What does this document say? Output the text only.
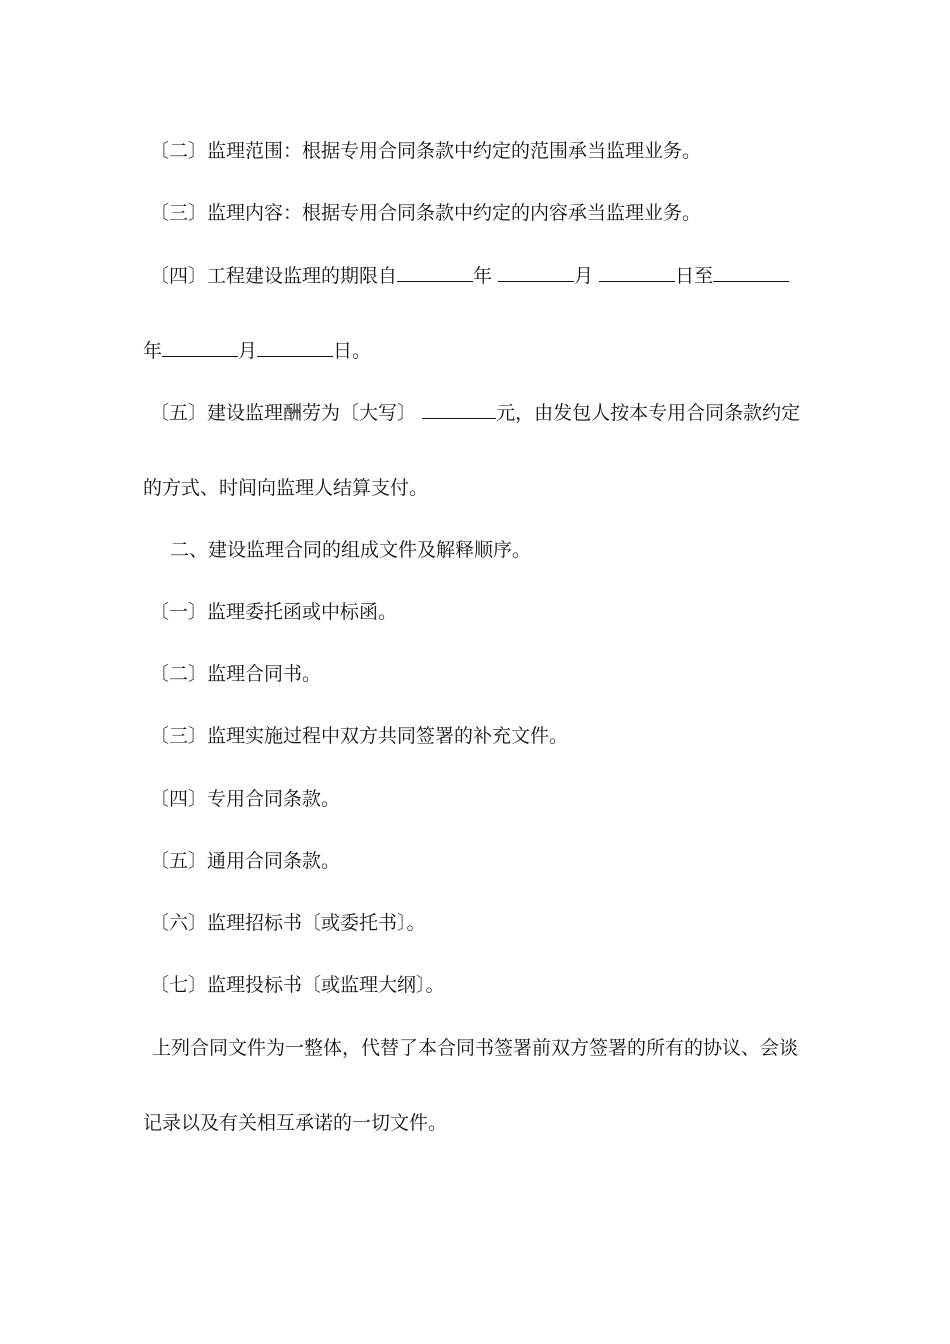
〔二〕监理范围：根据专用合同条款中约定的范围承当监理业务。
〔三〕监理内容：根据专用合同条款中约定的内容承当监理业务。
〔四〕工程建设监理的期限自	年	月	日至
年	月	日。
〔五〕建设监理酬劳为〔大写〕	元，由发包人按本专用合同条款约定
的方式、时间向监理人结算支付。
二、建设监理合同的组成文件及解释顺序。
〔一〕监理委托函或中标函。
〔二〕监理合同书。
〔三〕监理实施过程中双方共同签署的补充文件。
〔四〕专用合同条款。
〔五〕通用合同条款。
〔六〕监理招标书〔或委托书〕。
〔七〕监理投标书〔或监理大纲〕。
上列合同文件为一整体，代替了本合同书签署前双方签署的所有的协议、会谈
记录以及有关相互承诺的一切文件。
